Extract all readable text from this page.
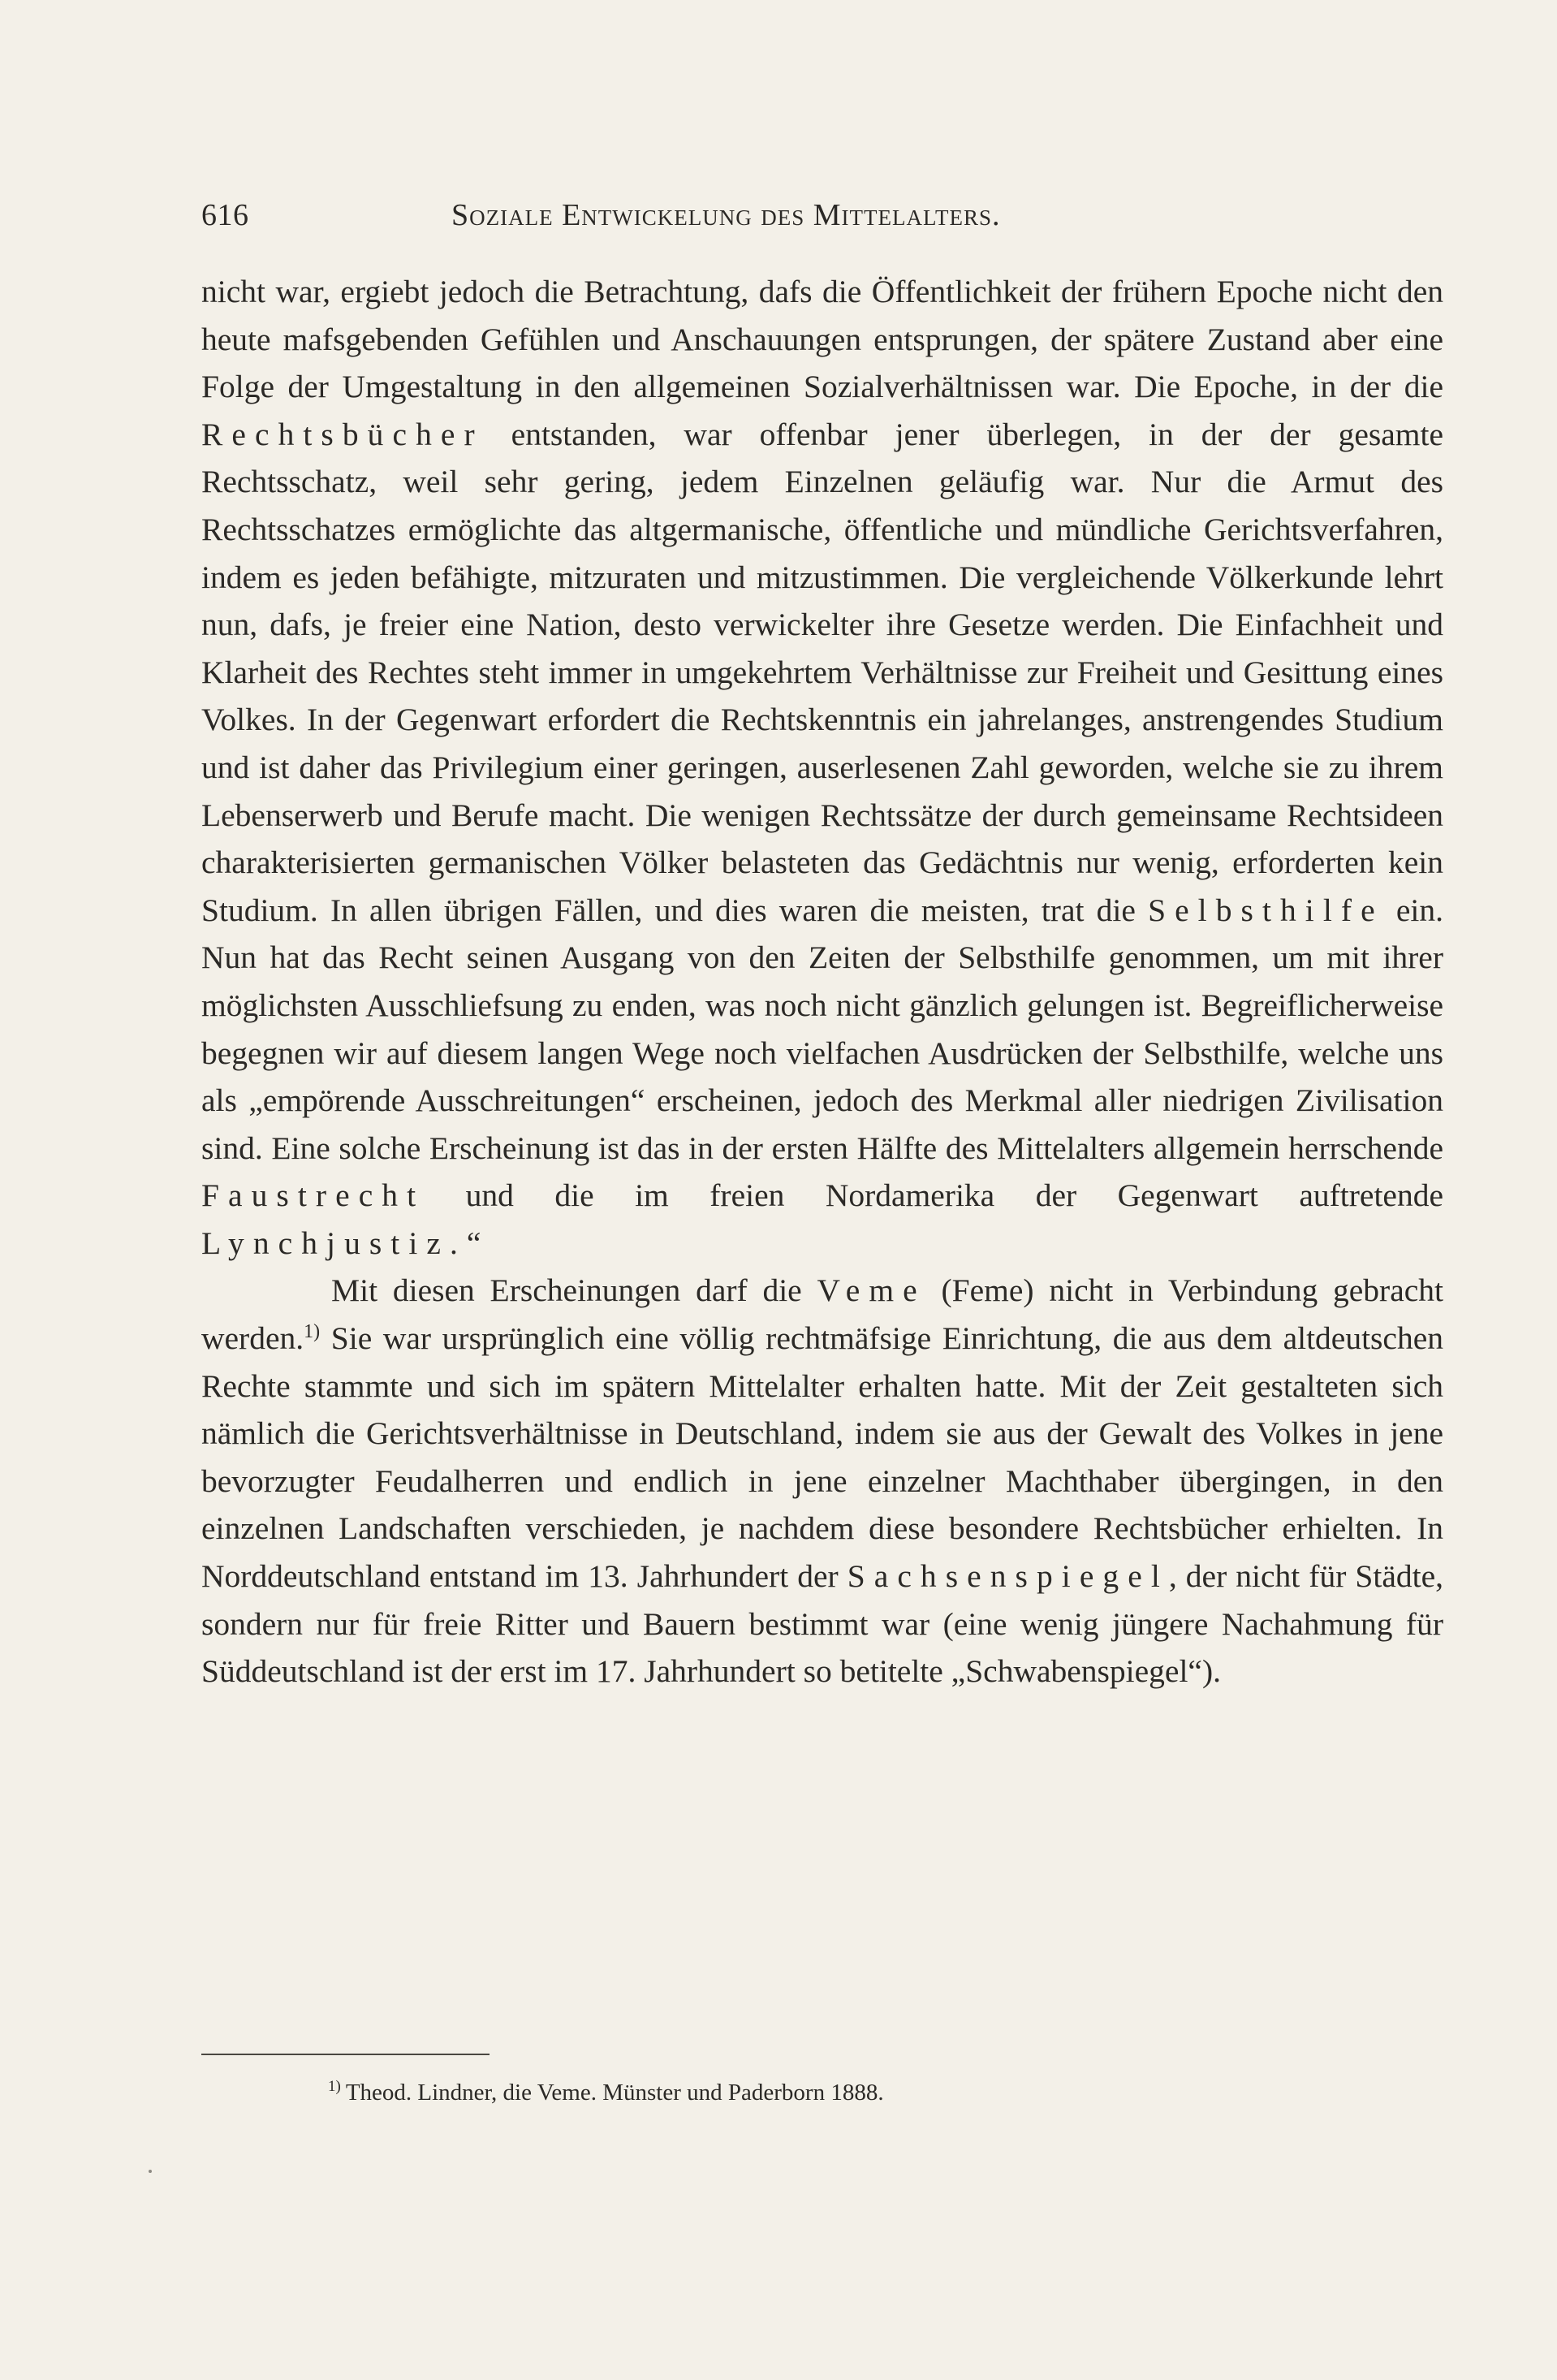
616	Soziale Entwickelung des Mittelalters.

nicht war, ergiebt jedoch die Betrachtung, dafs die Öffentlichkeit der frühern Epoche nicht den heute mafsgebenden Gefühlen und Anschauungen entsprungen, der spätere Zustand aber eine Folge der Umgestaltung in den allgemeinen Sozialverhältnissen war. Die Epoche, in der die Rechtsbücher entstanden, war offenbar jener überlegen, in der der gesamte Rechtsschatz, weil sehr gering, jedem Einzelnen geläufig war. Nur die Armut des Rechtsschatzes ermöglichte das altgermanische, öffentliche und mündliche Gerichtsverfahren, indem es jeden befähigte, mitzuraten und mitzustimmen. Die vergleichende Völkerkunde lehrt nun, dafs, je freier eine Nation, desto verwickelter ihre Gesetze werden. Die Einfachheit und Klarheit des Rechtes steht immer in umgekehrtem Verhältnisse zur Freiheit und Gesittung eines Volkes. In der Gegenwart erfordert die Rechtskenntnis ein jahrelanges, anstrengendes Studium und ist daher das Privilegium einer geringen, auserlesenen Zahl geworden, welche sie zu ihrem Lebenserwerb und Berufe macht. Die wenigen Rechtssätze der durch gemeinsame Rechtsideen charakterisierten germanischen Völker belasteten das Gedächtnis nur wenig, erforderten kein Studium. In allen übrigen Fällen, und dies waren die meisten, trat die Selbsthilfe ein. Nun hat das Recht seinen Ausgang von den Zeiten der Selbsthilfe genommen, um mit ihrer möglichsten Ausschliefsung zu enden, was noch nicht gänzlich gelungen ist. Begreiflicherweise begegnen wir auf diesem langen Wege noch vielfachen Ausdrücken der Selbsthilfe, welche uns als „empörende Ausschreitungen“ erscheinen, jedoch des Merkmal aller niedrigen Zivilisation sind. Eine solche Erscheinung ist das in der ersten Hälfte des Mittelalters allgemein herrschende Faustrecht und die im freien Nordamerika der Gegenwart auftretende Lynchjustiz.“

Mit diesen Erscheinungen darf die Veme (Feme) nicht in Verbindung gebracht werden.$^{1)}$ Sie war ursprünglich eine völlig rechtmäfsige Einrichtung, die aus dem altdeutschen Rechte stammte und sich im spätern Mittelalter erhalten hatte. Mit der Zeit gestalteten sich nämlich die Gerichtsverhältnisse in Deutschland, indem sie aus der Gewalt des Volkes in jene bevorzugter Feudalherren und endlich in jene einzelner Machthaber übergingen, in den einzelnen Landschaften verschieden, je nachdem diese besondere Rechtsbücher erhielten. In Norddeutschland entstand im 13. Jahrhundert der Sachsenspiegel, der nicht für Städte, sondern nur für freie Ritter und Bauern bestimmt war (eine wenig jüngere Nachahmung für Süddeutschland ist der erst im 17. Jahrhundert so betitelte „Schwabenspiegel“).

$^{1)}$ Theod. Lindner, die Veme. Münster und Paderborn 1888.
